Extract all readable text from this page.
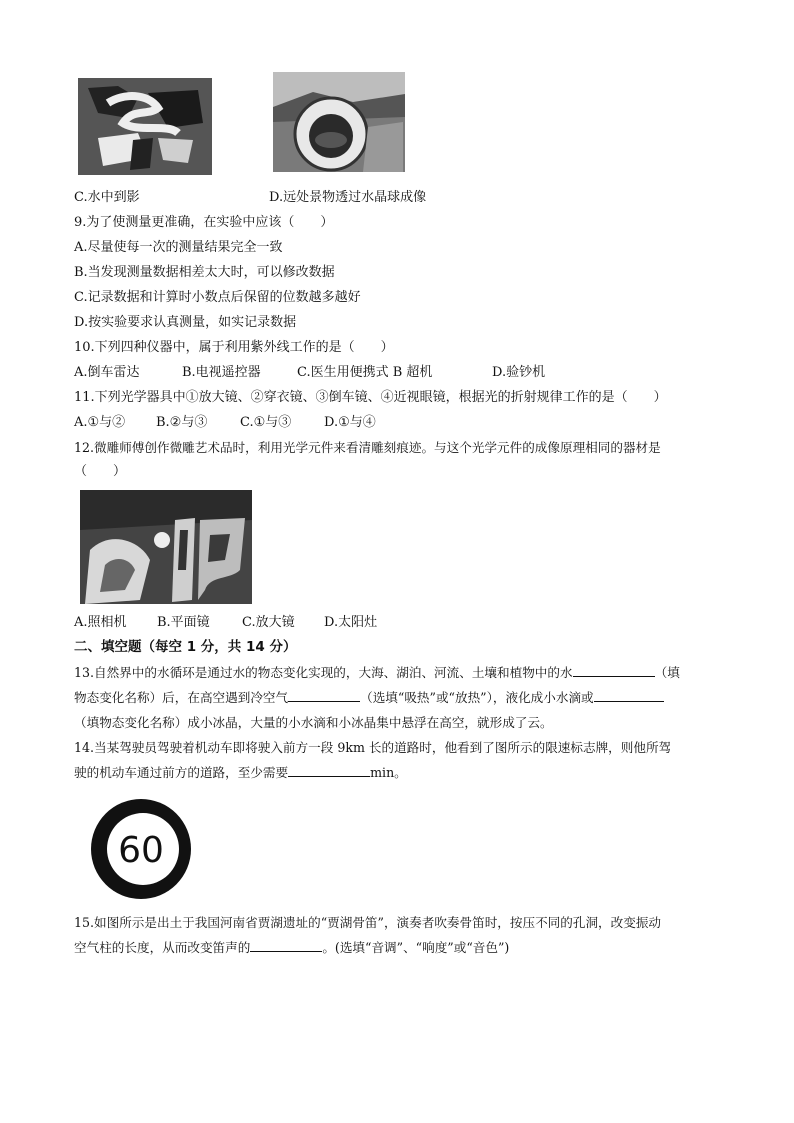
C.水中到影	D.远处景物透过水晶球成像
9.为了使测量更准确，在实验中应该（　　）
A.尽量使每一次的测量结果完全一致
B.当发现测量数据相差太大时，可以修改数据
C.记录数据和计算时小数点后保留的位数越多越好
D.按实验要求认真测量，如实记录数据
10.下列四种仪器中，属于利用紫外线工作的是（　　）
A.倒车雷达	B.电视遥控器	C.医生用便携式 B 超机	D.验钞机
11.下列光学器具中①放大镜、②穿衣镜、③倒车镜、④近视眼镜，根据光的折射规律工作的是（　　）
A.①与② B.②与③	C.①与③	D.①与④
12.微雕师傅创作微雕艺术品时，利用光学元件来看清雕刻痕迹。与这个光学元件的成像原理相同的器材是
（　　）
A.照相机 B.平面镜 C.放大镜 D.太阳灶
二、填空题（每空 1 分，共 14 分）
13.自然界中的水循环是通过水的物态变化实现的，大海、湖泊、河流、土壤和植物中的水	（填
物态变化名称）后，在高空遇到冷空气	（选填“吸热”或“放热”），液化成小水滴或
（填物态变化名称）成小冰晶，大量的小水滴和小冰晶集中悬浮在高空，就形成了云。
14.当某驾驶员驾驶着机动车即将驶入前方一段 9km 长的道路时，他看到了图所示的限速标志牌，则他所驾
驶的机动车通过前方的道路，至少需要	min。
60
15.如图所示是出土于我国河南省贾湖遗址的“贾湖骨笛”，演奏者吹奏骨笛时，按压不同的孔洞，改变振动
空气柱的长度，从而改变笛声的	。(选填“音调”、“响度”或“音色”)
